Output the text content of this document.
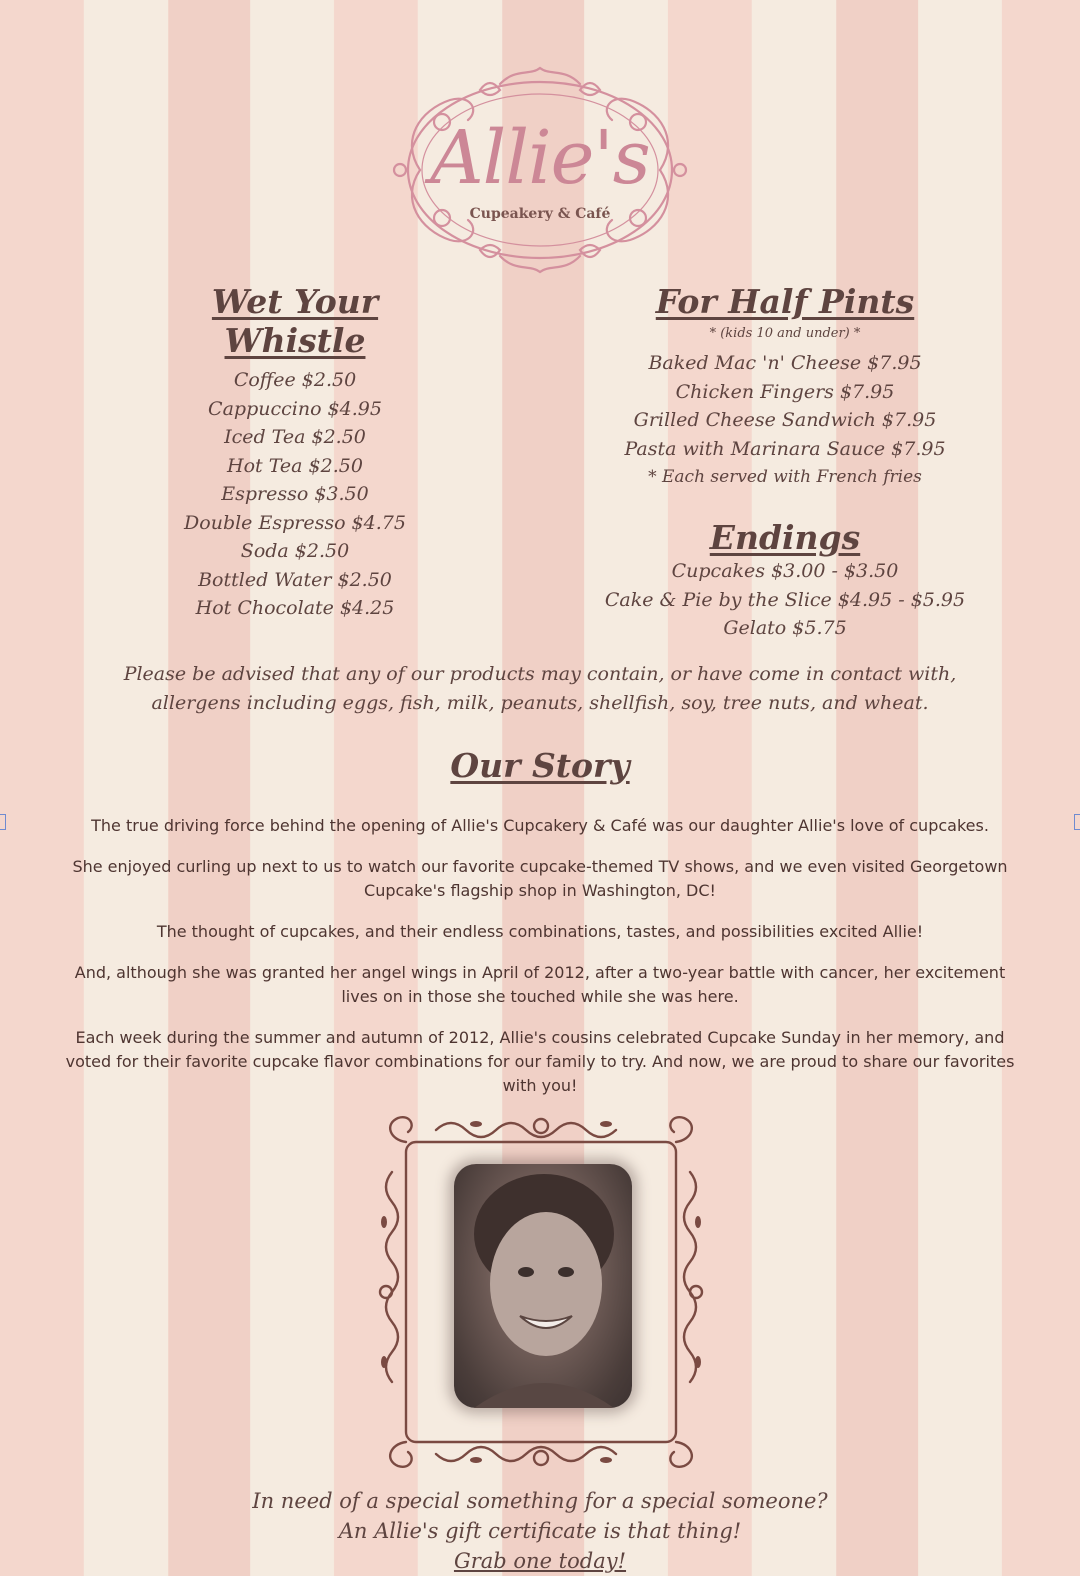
Allie's
Cupeakery & Café
Wet Your Whistle
Coffee $2.50
Cappuccino $4.95
Iced Tea $2.50
Hot Tea $2.50
Espresso $3.50
Double Espresso $4.75
Soda $2.50
Bottled Water $2.50
Hot Chocolate $4.25
For Half Pints
* (kids 10 and under) *
Baked Mac 'n' Cheese $7.95
Chicken Fingers $7.95
Grilled Cheese Sandwich $7.95
Pasta with Marinara Sauce $7.95
* Each served with French fries
Endings
Cupcakes $3.00 - $3.50
Cake & Pie by the Slice $4.95 - $5.95
Gelato $5.75
Please be advised that any of our products may contain, or have come in contact with,
allergens including eggs, fish, milk, peanuts, shellfish, soy, tree nuts, and wheat.
Our Story

The true driving force behind the opening of Allie's Cupcakery & Café was our daughter Allie's love of cupcakes.

She enjoyed curling up next to us to watch our favorite cupcake-themed TV shows, and we even visited Georgetown Cupcake's flagship shop in Washington, DC!

The thought of cupcakes, and their endless combinations, tastes, and possibilities excited Allie!

And, although she was granted her angel wings in April of 2012, after a two-year battle with cancer, her excitement lives on in those she touched while she was here.

Each week during the summer and autumn of 2012, Allie's cousins celebrated Cupcake Sunday in her memory, and voted for their favorite cupcake flavor combinations for our family to try. And now, we are proud to share our favorites with you!

In need of a special something for a special someone?
An Allie's gift certificate is that thing!
Grab one today!
